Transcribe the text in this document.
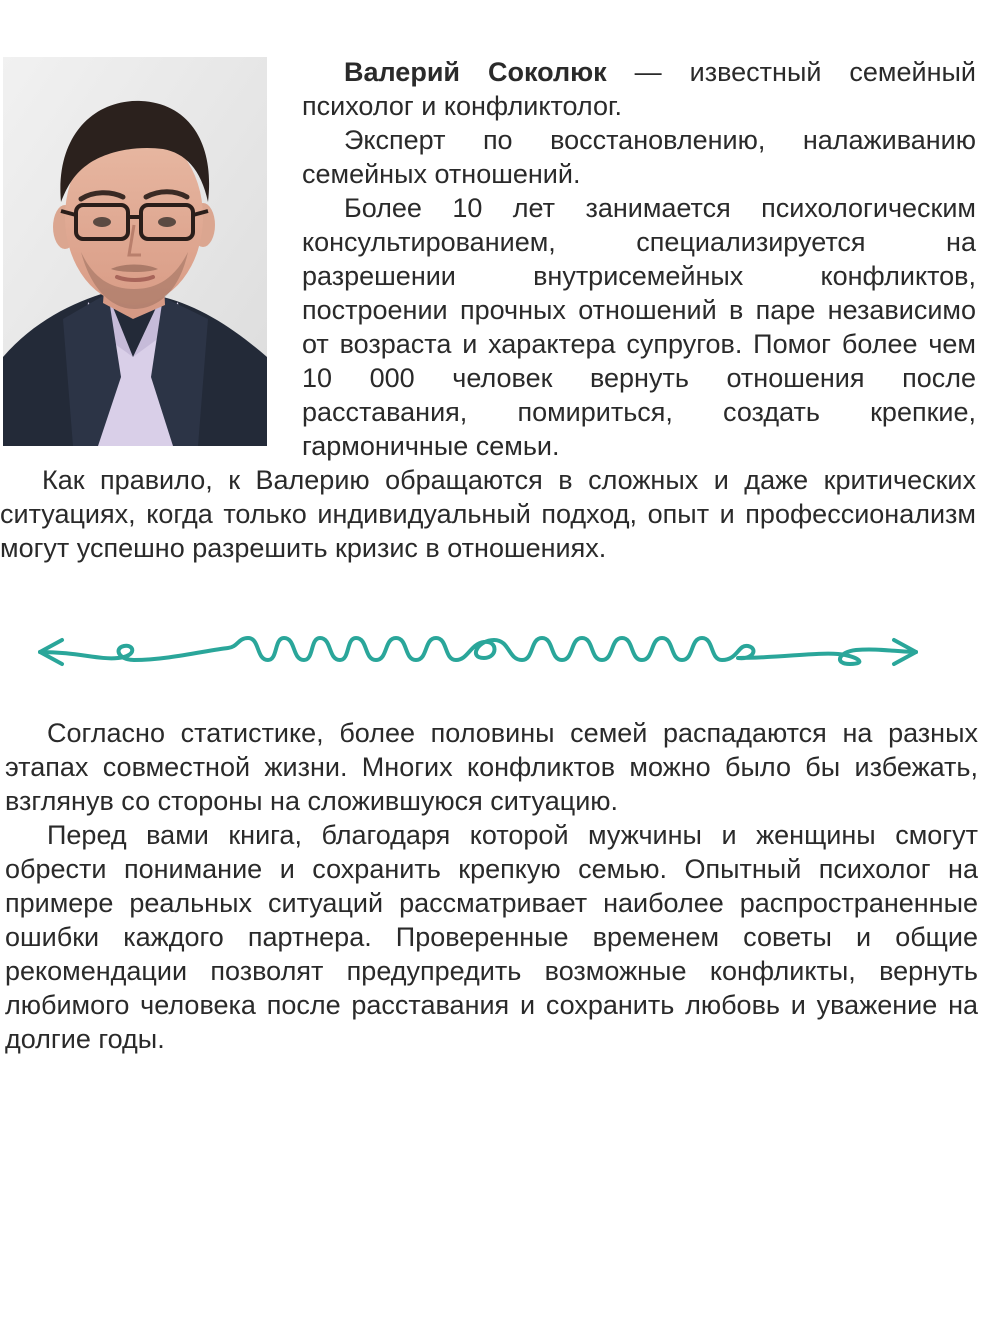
Валерий Соколюк — известный семейный психолог и конфликтолог.

Эксперт по восстановлению, налаживанию семейных отношений.

Более 10 лет занимается психологическим консультированием, специализируется на разрешении внутрисемейных конфликтов, построении прочных отношений в паре независимо от возраста и характера супругов. Помог более чем 10 000 человек вернуть отношения после расставания, помириться, создать крепкие, гармоничные семьи.

Как правило, к Валерию обращаются в сложных и даже критических ситуациях, когда только индивидуальный подход, опыт и профессионализм могут успешно разрешить кризис в отношениях.

Согласно статистике, более половины семей распадаются на разных этапах совместной жизни. Многих конфликтов можно было бы избежать, взглянув со стороны на сложившуюся ситуацию.

Перед вами книга, благодаря которой мужчины и женщины смогут обрести понимание и сохранить крепкую семью. Опытный психолог на примере реальных ситуаций рассматривает наиболее распространенные ошибки каждого партнера. Проверенные временем советы и общие рекомендации позволят предупредить возможные конфликты, вернуть любимого человека после расставания и сохранить любовь и уважение на долгие годы.
